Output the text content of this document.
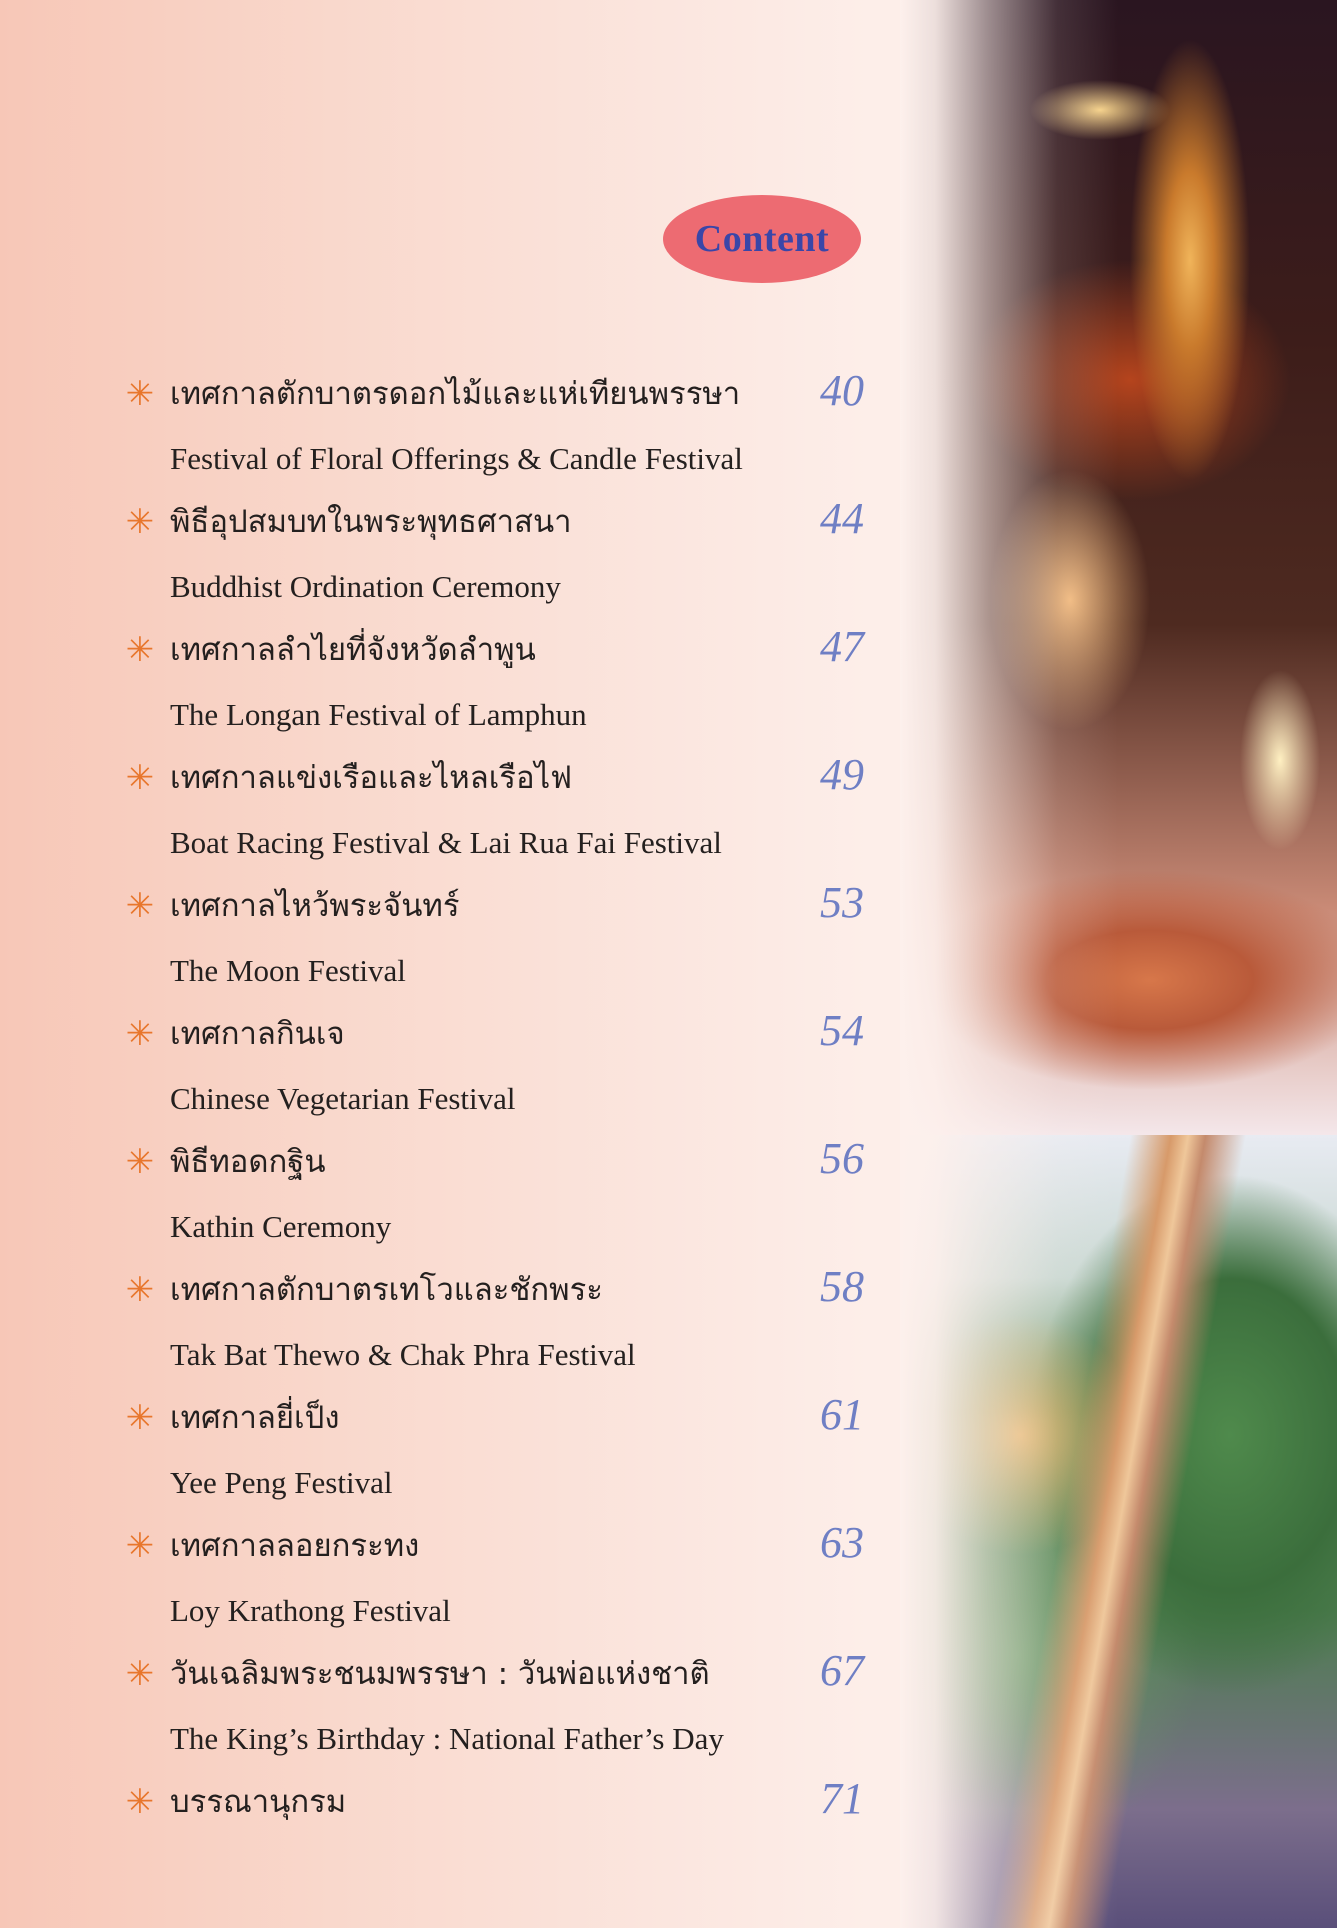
Content
✳ เทศกาลตักบาตรดอกไม้และแห่เทียนพรรษา 40
Festival of Floral Offerings & Candle Festival
✳ พิธีอุปสมบทในพระพุทธศาสนา	44
Buddhist Ordination Ceremony
✳ เทศกาลลำไยที่จังหวัดลำพูน	47
The Longan Festival of Lamphun
✳ เทศกาลแข่งเรือและไหลเรือไฟ	49
Boat Racing Festival & Lai Rua Fai Festival
✳ เทศกาลไหว้พระจันทร์	53
The Moon Festival
✳ เทศกาลกินเจ	54
Chinese Vegetarian Festival
✳ พิธีทอดกฐิน	56
Kathin Ceremony
✳ เทศกาลตักบาตรเทโวและชักพระ	58
Tak Bat Thewo & Chak Phra Festival
✳ เทศกาลยี่เป็ง	61
Yee Peng Festival
✳ เทศกาลลอยกระทง	63
Loy Krathong Festival
✳ วันเฉลิมพระชนมพรรษา : วันพ่อแห่งชาติ	67
The King’s Birthday : National Father’s Day
✳ บรรณานุกรม	71
